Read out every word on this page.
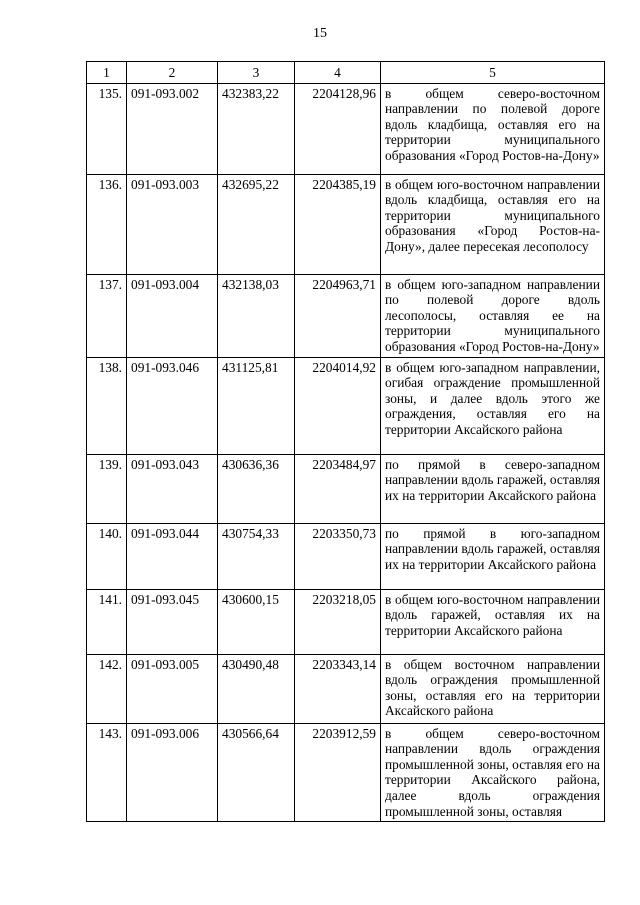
15
1	2	3	4	5
135.	091-093.002	432383,22	2204128,96	в общем северо-восточном направлении по полевой дороге вдоль кладбища, оставляя его на территории муниципального образования «Город Ростов-на-Дону»
136.	091-093.003	432695,22	2204385,19	в общем юго-восточном направлении вдоль кладбища, оставляя его на территории муниципального образования «Город Ростов-на-Дону», далее пересекая лесополосу
137.	091-093.004	432138,03	2204963,71	в общем юго-западном направлении по полевой дороге вдоль лесополосы, оставляя ее на территории муниципального образования «Город Ростов-на-Дону»
138.	091-093.046	431125,81	2204014,92	в общем юго-западном направлении, огибая ограждение промышленной зоны, и далее вдоль этого же ограждения, оставляя его на территории Аксайского района
139.	091-093.043	430636,36	2203484,97	по прямой в северо-западном направлении вдоль гаражей, оставляя их на территории Аксайского района
140.	091-093.044	430754,33	2203350,73	по прямой в юго-западном направлении вдоль гаражей, оставляя их на территории Аксайского района
141.	091-093.045	430600,15	2203218,05	в общем юго-восточном направлении вдоль гаражей, оставляя их на территории Аксайского района
142.	091-093.005	430490,48	2203343,14	в общем восточном направлении вдоль ограждения промышленной зоны, оставляя его на территории Аксайского района
143.	091-093.006	430566,64	2203912,59	в общем северо-восточном направлении вдоль ограждения промышленной зоны, оставляя его на территории Аксайского района, далее вдоль ограждения промышленной зоны, оставляя
